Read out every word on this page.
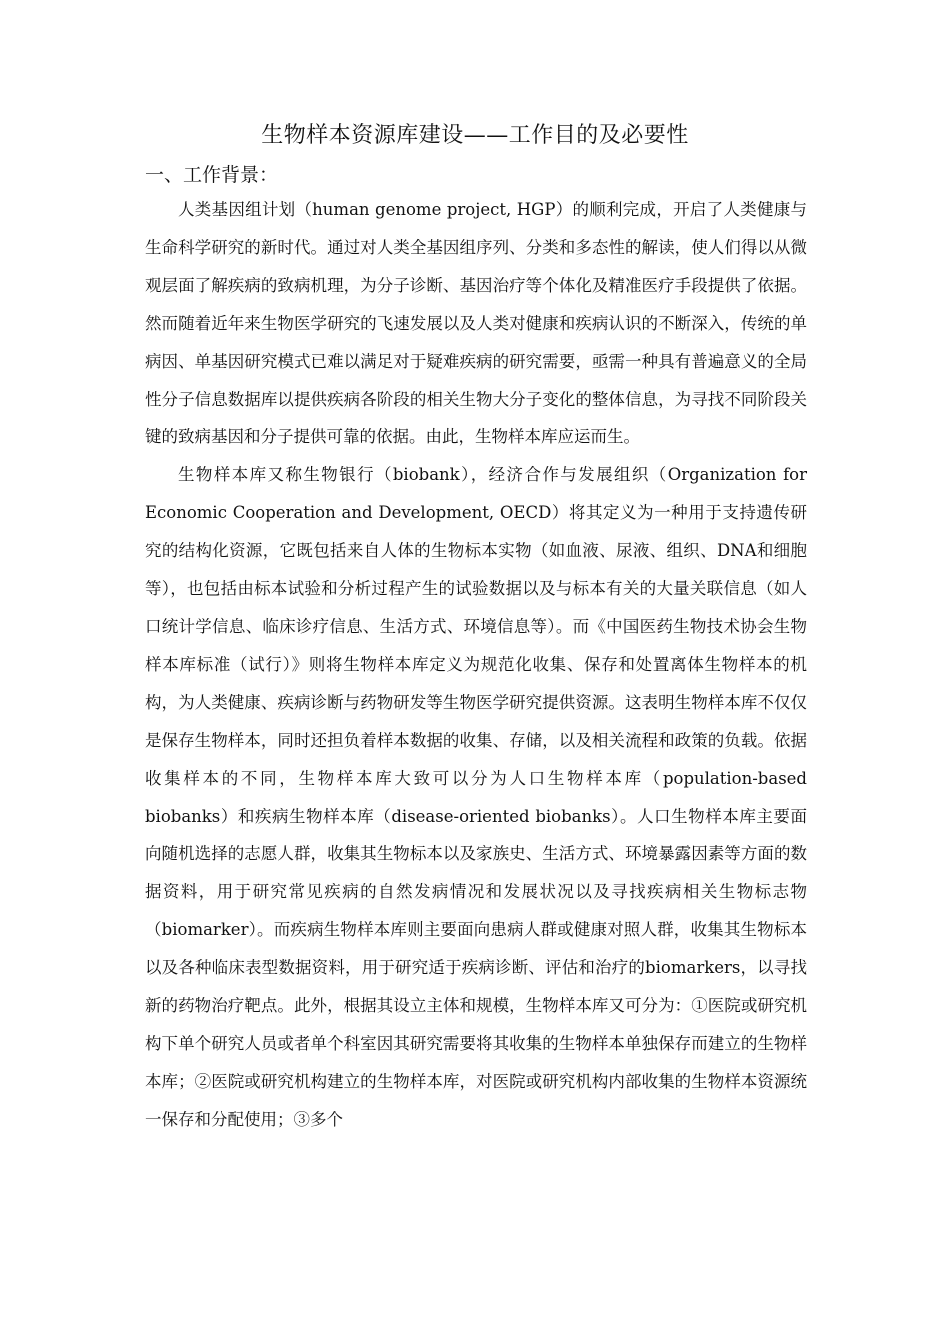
生物样本资源库建设——工作目的及必要性
一、工作背景：

人类基因组计划（human genome project, HGP）的顺利完成，开启了人类健康与生命科学研究的新时代。通过对人类全基因组序列、分类和多态性的解读，使人们得以从微观层面了解疾病的致病机理，为分子诊断、基因治疗等个体化及精准医疗手段提供了依据。然而随着近年来生物医学研究的飞速发展以及人类对健康和疾病认识的不断深入，传统的单病因、单基因研究模式已难以满足对于疑难疾病的研究需要，亟需一种具有普遍意义的全局性分子信息数据库以提供疾病各阶段的相关生物大分子变化的整体信息，为寻找不同阶段关键的致病基因和分子提供可靠的依据。由此，生物样本库应运而生。

生物样本库又称生物银行（biobank），经济合作与发展组织（Organization for Economic Cooperation and Development, OECD）将其定义为一种用于支持遗传研究的结构化资源，它既包括来自人体的生物标本实物（如血液、尿液、组织、DNA和细胞等），也包括由标本试验和分析过程产生的试验数据以及与标本有关的大量关联信息（如人口统计学信息、临床诊疗信息、生活方式、环境信息等）。而《中国医药生物技术协会生物样本库标准（试行）》则将生物样本库定义为规范化收集、保存和处置离体生物样本的机构，为人类健康、疾病诊断与药物研发等生物医学研究提供资源。这表明生物样本库不仅仅是保存生物样本，同时还担负着样本数据的收集、存储，以及相关流程和政策的负载。依据收集样本的不同，生物样本库大致可以分为人口生物样本库（population-based biobanks）和疾病生物样本库（disease-oriented biobanks）。人口生物样本库主要面向随机选择的志愿人群，收集其生物标本以及家族史、生活方式、环境暴露因素等方面的数据资料，用于研究常见疾病的自然发病情况和发展状况以及寻找疾病相关生物标志物（biomarker）。而疾病生物样本库则主要面向患病人群或健康对照人群，收集其生物标本以及各种临床表型数据资料，用于研究适于疾病诊断、评估和治疗的biomarkers，以寻找新的药物治疗靶点。此外，根据其设立主体和规模，生物样本库又可分为：①医院或研究机构下单个研究人员或者单个科室因其研究需要将其收集的生物样本单独保存而建立的生物样本库；②医院或研究机构建立的生物样本库，对医院或研究机构内部收集的生物样本资源统一保存和分配使用；③多个
